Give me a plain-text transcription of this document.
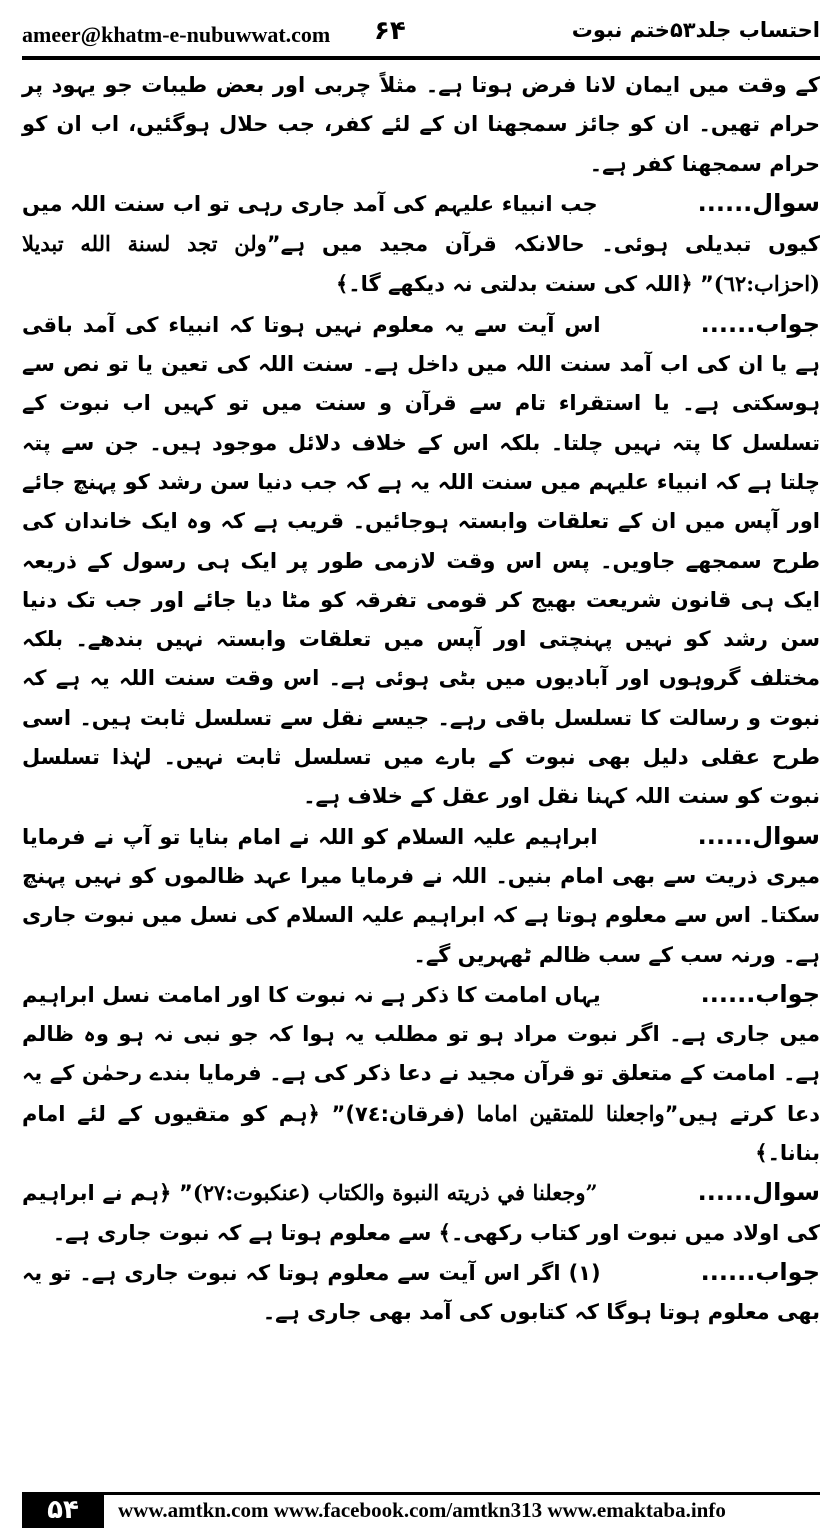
ameer@khatm-e-nubuwwat.com ۶۴	احتساب جلد۵۳ختم نبوت

کے وقت میں ایمان لانا فرض ہوتا ہے۔ مثلاً چربی اور بعض طیبات جو یہود پر حرام تھیں۔ ان کو جائز سمجھنا ان کے لئے کفر، جب حلال ہوگئیں، اب ان کو حرام سمجھنا کفر ہے۔

سوال......جب انبیاء علیہم کی آمد جاری رہی تو اب سنت اللہ میں کیوں تبدیلی ہوئی۔ حالانکہ قرآن مجید میں ہے”ولن تجد لسنة الله تبديلا (احزاب:٦٢)” ﴿اللہ کی سنت بدلتی نہ دیکھے گا۔﴾

جواب......اس آیت سے یہ معلوم نہیں ہوتا کہ انبیاء کی آمد باقی ہے یا ان کی اب آمد سنت اللہ میں داخل ہے۔ سنت اللہ کی تعین یا تو نص سے ہوسکتی ہے۔ یا استقراء تام سے قرآن و سنت میں تو کہیں اب نبوت کے تسلسل کا پتہ نہیں چلتا۔ بلکہ اس کے خلاف دلائل موجود ہیں۔ جن سے پتہ چلتا ہے کہ انبیاء علیہم میں سنت اللہ یہ ہے کہ جب دنیا سن رشد کو پہنچ جائے اور آپس میں ان کے تعلقات وابستہ ہوجائیں۔ قریب ہے کہ وہ ایک خاندان کی طرح سمجھے جاویں۔ پس اس وقت لازمی طور پر ایک ہی رسول کے ذریعہ ایک ہی قانون شریعت بھیج کر قومی تفرقہ کو مٹا دیا جائے اور جب تک دنیا سن رشد کو نہیں پہنچتی اور آپس میں تعلقات وابستہ نہیں بندھے۔ بلکہ مختلف گروہوں اور آبادیوں میں بٹی ہوئی ہے۔ اس وقت سنت اللہ یہ ہے کہ نبوت و رسالت کا تسلسل باقی رہے۔ جیسے نقل سے تسلسل ثابت ہیں۔ اسی طرح عقلی دلیل بھی نبوت کے بارے میں تسلسل ثابت نہیں۔ لہٰذا تسلسل نبوت کو سنت اللہ کہنا نقل اور عقل کے خلاف ہے۔

سوال......ابراہیم علیہ السلام کو اللہ نے امام بنایا تو آپ نے فرمایا میری ذریت سے بھی امام بنیں۔ اللہ نے فرمایا میرا عہد ظالموں کو نہیں پہنچ سکتا۔ اس سے معلوم ہوتا ہے کہ ابراہیم علیہ السلام کی نسل میں نبوت جاری ہے۔ ورنہ سب کے سب ظالم ٹھہریں گے۔

جواب......یہاں امامت کا ذکر ہے نہ نبوت کا اور امامت نسل ابراہیم میں جاری ہے۔ اگر نبوت مراد ہو تو مطلب یہ ہوا کہ جو نبی نہ ہو وہ ظالم ہے۔ امامت کے متعلق تو قرآن مجید نے دعا ذکر کی ہے۔ فرمایا بندے رحمٰن کے یہ دعا کرتے ہیں”واجعلنا للمتقين اماما (فرقان:٧٤)” ﴿ہم کو متقیوں کے لئے امام بنانا۔﴾

سوال......”وجعلنا في ذريته النبوة والكتاب (عنكبوت:٢٧)” ﴿ہم نے ابراہیم کی اولاد میں نبوت اور کتاب رکھی۔﴾ سے معلوم ہوتا ہے کہ نبوت جاری ہے۔

جواب......(۱) اگر اس آیت سے معلوم ہوتا کہ نبوت جاری ہے۔ تو یہ بھی معلوم ہوتا ہوگا کہ کتابوں کی آمد بھی جاری ہے۔

۵۴	www.amtkn.com www.facebook.com/amtkn313 www.emaktaba.info
